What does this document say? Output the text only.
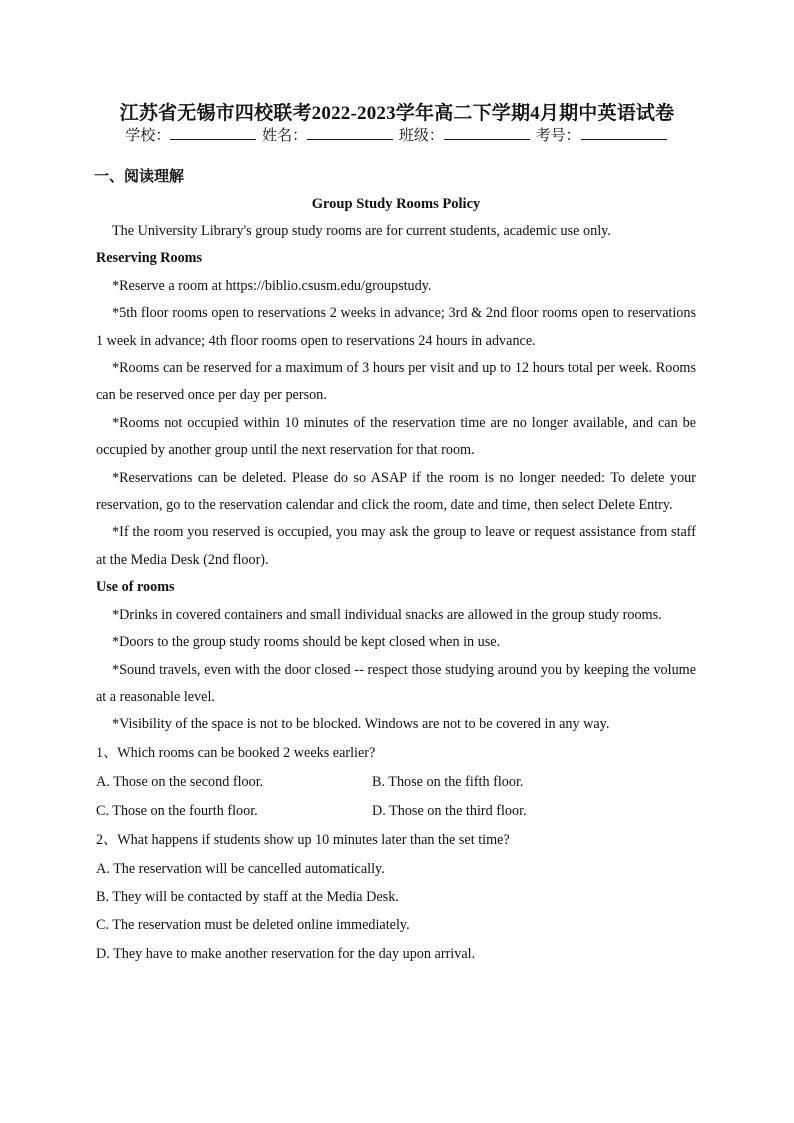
江苏省无锡市四校联考2022-2023学年高二下学期4月期中英语试卷
学校：	姓名：	班级：	考号：
一、阅读理解
Group Study Rooms Policy

The University Library's group study rooms are for current students, academic use only.

Reserving Rooms

*Reserve a room at https://biblio.csusm.edu/groupstudy.

*5th floor rooms open to reservations 2 weeks in advance; 3rd & 2nd floor rooms open to reservations 1 week in advance; 4th floor rooms open to reservations 24 hours in advance.

*Rooms can be reserved for a maximum of 3 hours per visit and up to 12 hours total per week. Rooms can be reserved once per day per person.

*Rooms not occupied within 10 minutes of the reservation time are no longer available, and can be occupied by another group until the next reservation for that room.

*Reservations can be deleted. Please do so ASAP if the room is no longer needed: To delete your reservation, go to the reservation calendar and click the room, date and time, then select Delete Entry.

*If the room you reserved is occupied, you may ask the group to leave or request assistance from staff at the Media Desk (2nd floor).

Use of rooms

*Drinks in covered containers and small individual snacks are allowed in the group study rooms.

*Doors to the group study rooms should be kept closed when in use.

*Sound travels, even with the door closed -- respect those studying around you by keeping the volume at a reasonable level.

*Visibility of the space is not to be blocked. Windows are not to be covered in any way.

1、Which rooms can be booked 2 weeks earlier?

A. Those on the second floor.	B. Those on the fifth floor.
C. Those on the fourth floor.	D. Those on the third floor.

2、What happens if students show up 10 minutes later than the set time?

A. The reservation will be cancelled automatically.
B. They will be contacted by staff at the Media Desk.
C. The reservation must be deleted online immediately.
D. They have to make another reservation for the day upon arrival.
